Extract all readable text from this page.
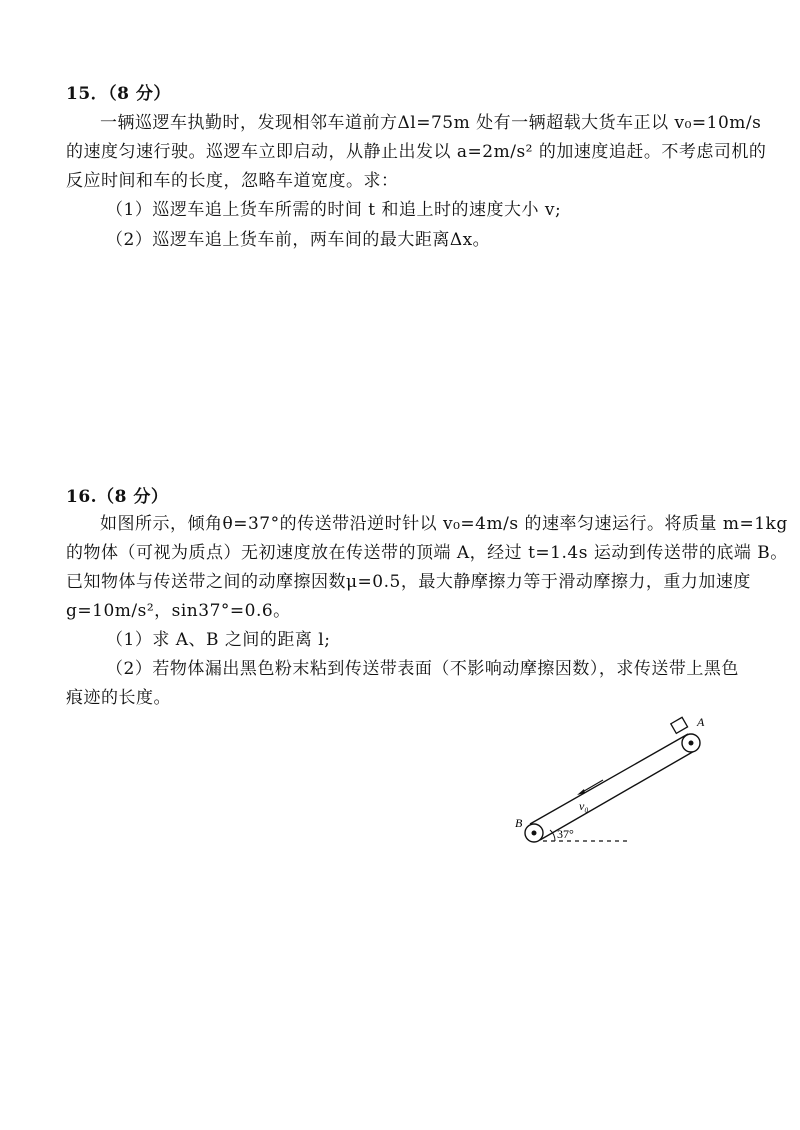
15．（8 分）
一辆巡逻车执勤时，发现相邻车道前方Δl=75m 处有一辆超载大货车正以 v₀=10m/s
的速度匀速行驶。巡逻车立即启动，从静止出发以 a=2m/s² 的加速度追赶。不考虑司机的
反应时间和车的长度，忽略车道宽度。求：
（1）巡逻车追上货车所需的时间 t 和追上时的速度大小 v;
（2）巡逻车追上货车前，两车间的最大距离Δx。
16.（8 分）
如图所示，倾角θ=37°的传送带沿逆时针以 v₀=4m/s 的速率匀速运行。将质量 m=1kg
的物体（可视为质点）无初速度放在传送带的顶端 A，经过 t=1.4s 运动到传送带的底端 B。
已知物体与传送带之间的动摩擦因数μ=0.5，最大静摩擦力等于滑动摩擦力，重力加速度
g=10m/s²，sin37°=0.6。
（1）求 A、B 之间的距离 l;
（2）若物体漏出黑色粉末粘到传送带表面（不影响动摩擦因数），求传送带上黑色
痕迹的长度。
A
B
v₀
37°
